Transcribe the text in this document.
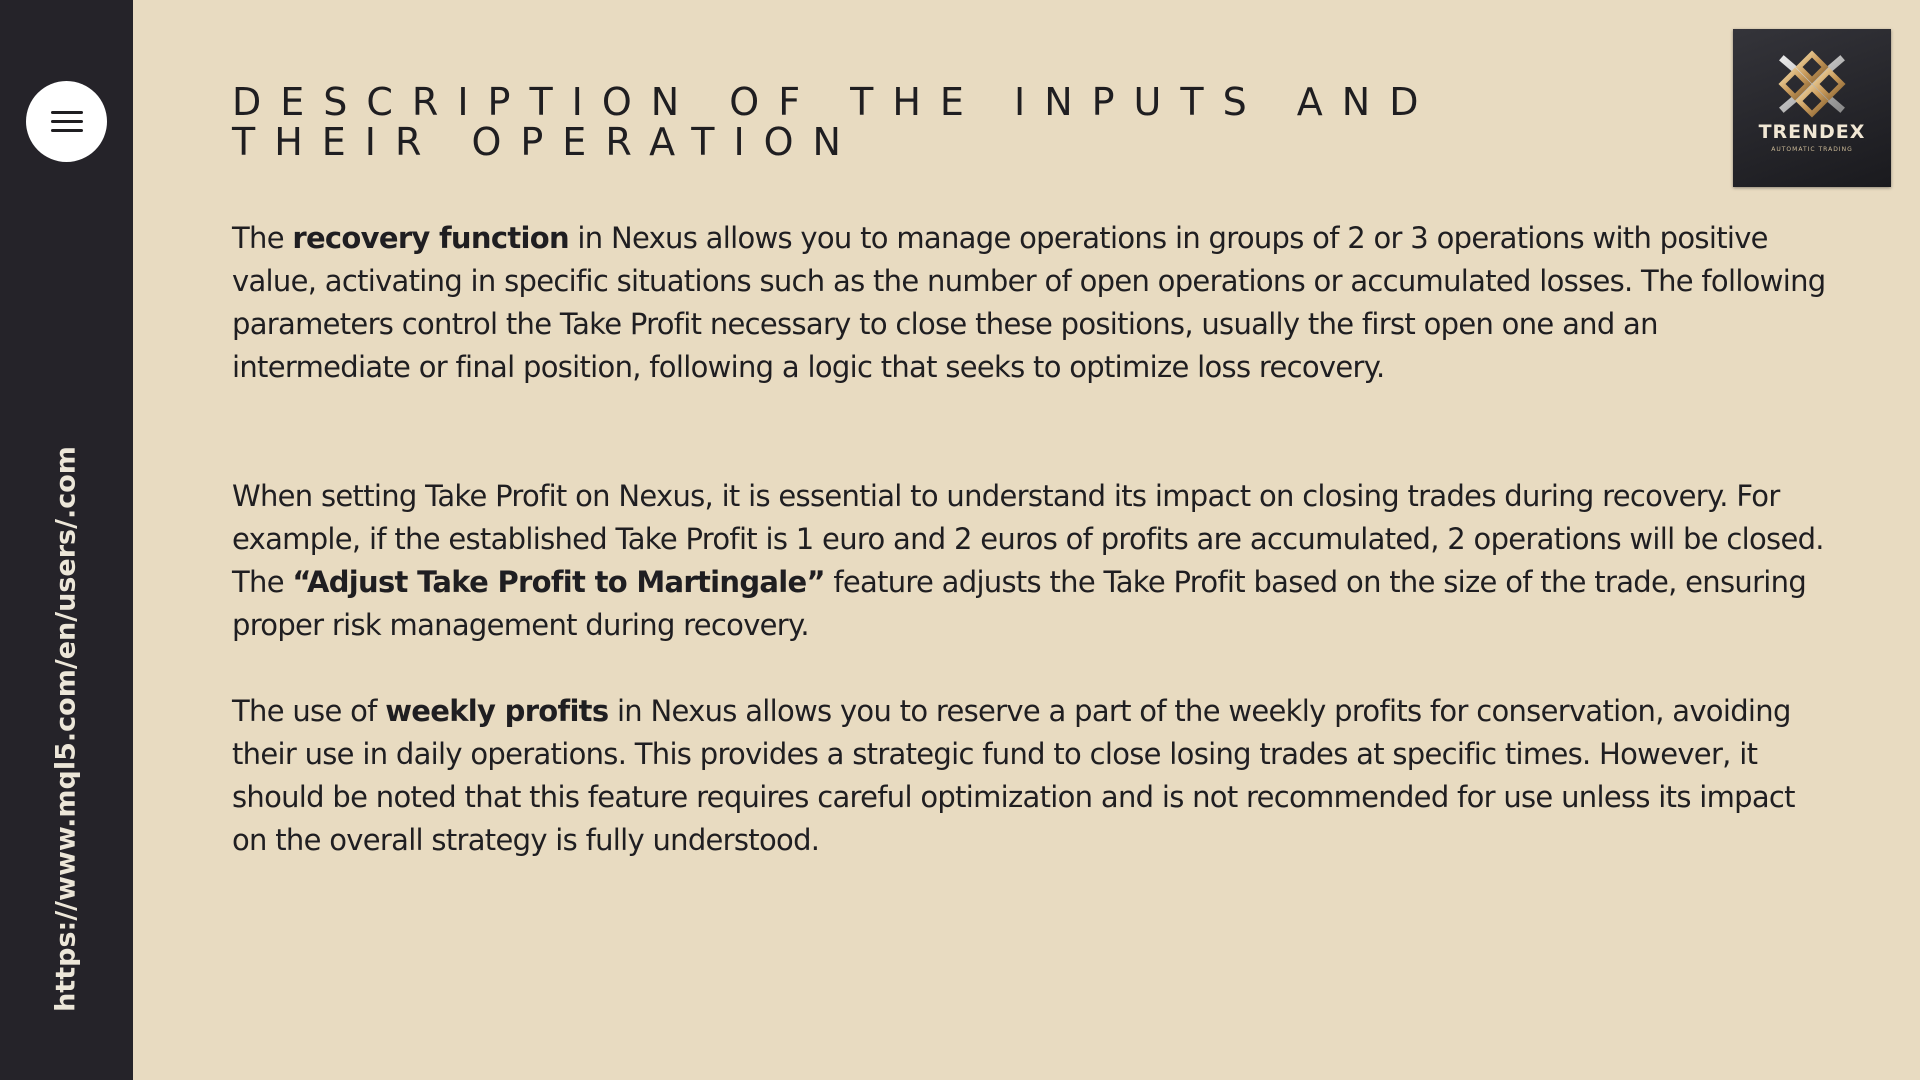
https://www.mql5.com/en/users/.com
TRENDEX
AUTOMATIC TRADING
DESCRIPTION OF THE INPUTS AND
THEIR OPERATION

The recovery function in Nexus allows you to manage operations in groups of 2 or 3 operations with positive value, activating in specific situations such as the number of open operations or accumulated losses. The following parameters control the Take Profit necessary to close these positions, usually the first open one and an intermediate or final position, following a logic that seeks to optimize loss recovery.

When setting Take Profit on Nexus, it is essential to understand its impact on closing trades during recovery. For example, if the established Take Profit is 1 euro and 2 euros of profits are accumulated, 2 operations will be closed. The “Adjust Take Profit to Martingale” feature adjusts the Take Profit based on the size of the trade, ensuring proper risk management during recovery.

The use of weekly profits in Nexus allows you to reserve a part of the weekly profits for conservation, avoiding their use in daily operations. This provides a strategic fund to close losing trades at specific times. However, it should be noted that this feature requires careful optimization and is not recommended for use unless its impact on the overall strategy is fully understood.
